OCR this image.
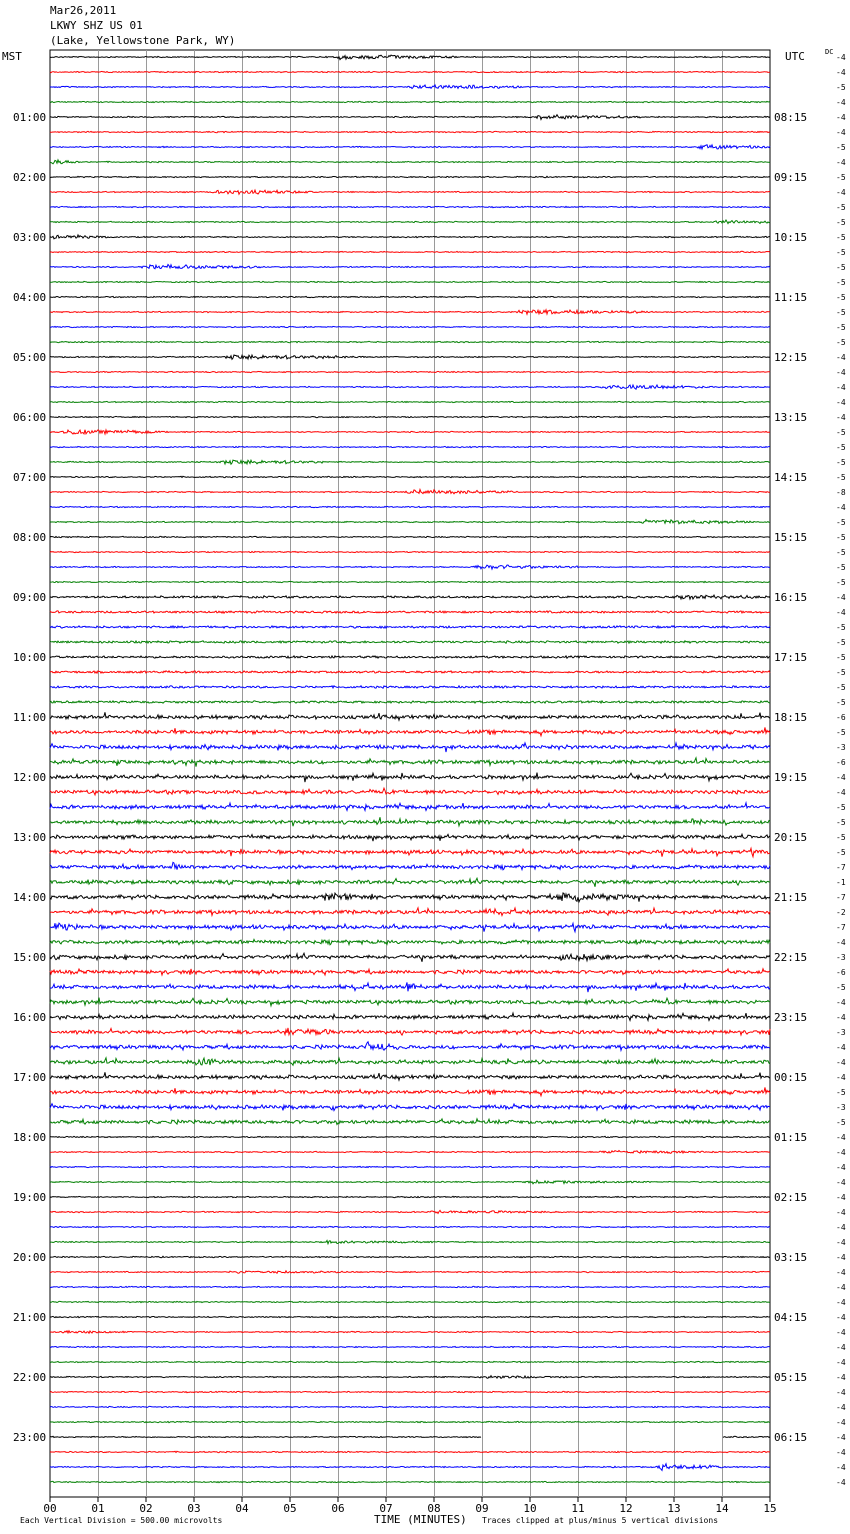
Mar26,2011
LKWY SHZ US 01
(Lake, Yellowstone Park, WY)
MST	UTC	DC
-4
-4
-5
-4
-4
-4
-5
-4
-5
-4
-5
-5
-5
-5
-5
-5
-5
-5
-5
-5
-4
-4
-4
-4
-4
-5
-5
-5
-5
-8
-4
-5
-5
-5
-5
-5
-4
-4
-5
-5
-5
-5
-5
-5
-6
-5
-3
-6
-4
-4
-5
-5
-5
-5
-7
-1
-7
-2
-7
-4
-3
-6
-5
-4
-4
-3
-4
-4
-4
-5
-3
-5
-4
-4
-4
-4
-4
-4
-4
-4
-4
-4
-4
-4
-4
-4
-4
-4
-4
-4
-4
-4
-4
-4
-4
-4
01:00
02:00
03:00
04:00
05:00
06:00
07:00
08:00
09:00
10:00
11:00
12:00
13:00
14:00
15:00
16:00
17:00
18:00
19:00
20:00
21:00
22:00
23:00
08:15
09:15
10:15
11:15
12:15
13:15
14:15
15:15
16:15
17:15
18:15
19:15
20:15
21:15
22:15
23:15
00:15
01:15
02:15
03:15
04:15
05:15
06:15
00	01	02	03	04	05	06	07	08	09	10	11	12	13	14	15
Each Vertical Division = 500.00 microvolts	TIME (MINUTES) Traces clipped at plus/minus 5 vertical divisions
